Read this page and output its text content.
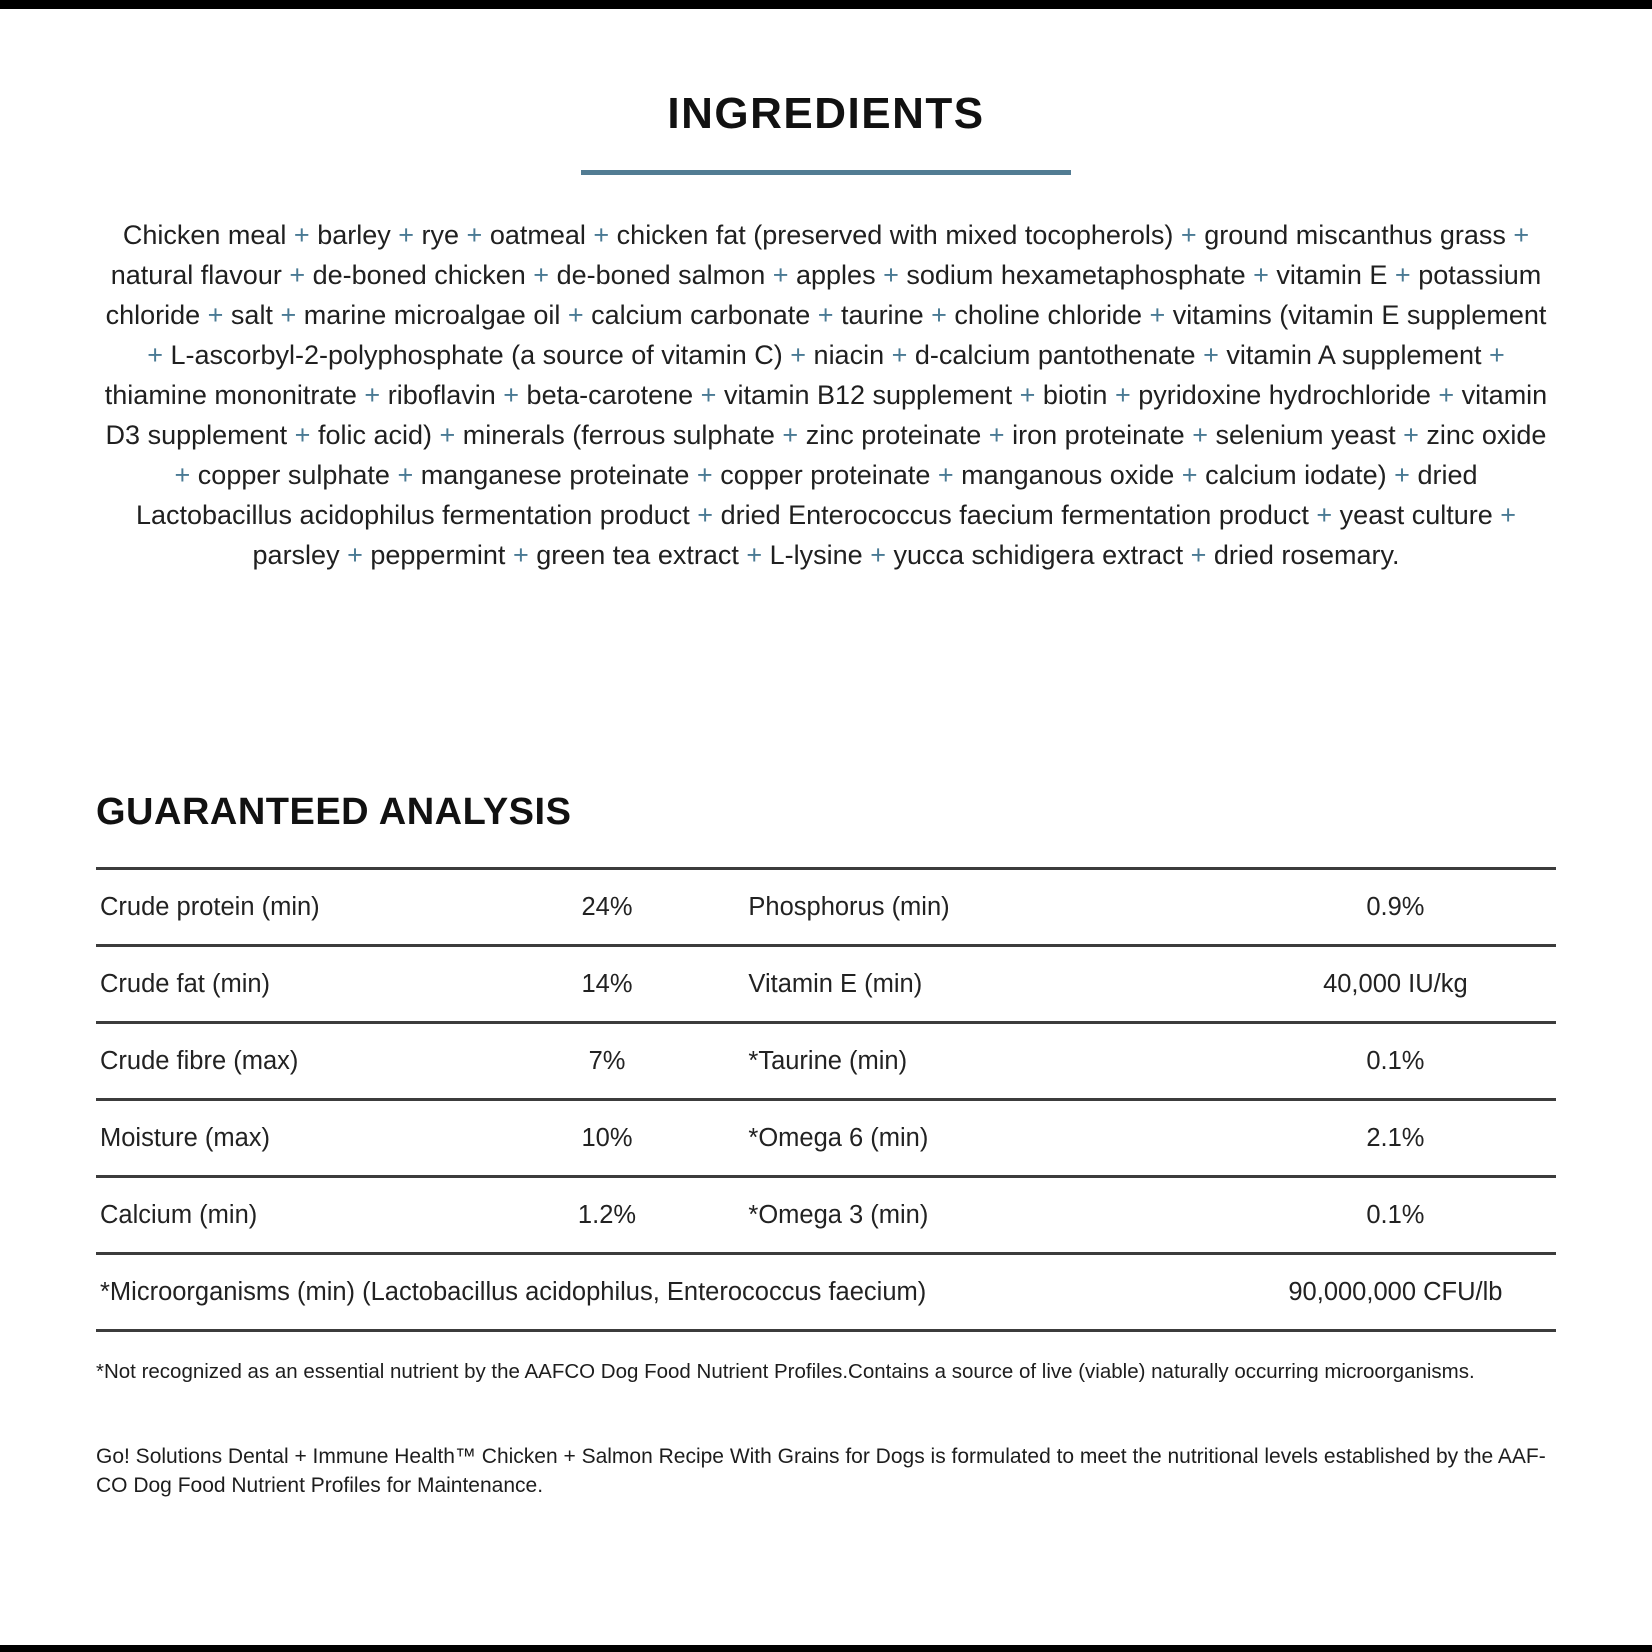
INGREDIENTS

Chicken meal + barley + rye + oatmeal + chicken fat (preserved with mixed tocopherols) + ground miscanthus grass + natural flavour + de-boned chicken + de-boned salmon + apples + sodium hexametaphosphate + vitamin E + potassium chloride + salt + marine microalgae oil + calcium carbonate + taurine + choline chloride + vitamins (vitamin E supplement + L-ascorbyl-2-polyphosphate (a source of vitamin C) + niacin + d-calcium pantothenate + vitamin A supplement + thiamine mononitrate + riboflavin + beta-carotene + vitamin B12 supplement + biotin + pyridoxine hydrochloride + vitamin D3 supplement + folic acid) + minerals (ferrous sulphate + zinc proteinate + iron proteinate + selenium yeast + zinc oxide + copper sulphate + manganese proteinate + copper proteinate + manganous oxide + calcium iodate) + dried Lactobacillus acidophilus fermentation product + dried Enterococcus faecium fermentation product + yeast culture + parsley + peppermint + green tea extract + L-lysine + yucca schidigera extract + dried rosemary.

GUARANTEED ANALYSIS
Crude protein (min)	24%	Phosphorus (min)	0.9%
Crude fat (min)	14%	Vitamin E (min)	40,000 IU/kg
Crude fibre (max)	7%	*Taurine (min)	0.1%
Moisture (max)	10%	*Omega 6 (min)	2.1%
Calcium (min)	1.2%	*Omega 3 (min)	0.1%
*Microorganisms (min) (Lactobacillus acidophilus, Enterococcus faecium)	90,000,000 CFU/lb

*Not recognized as an essential nutrient by the AAFCO Dog Food Nutrient Profiles.Contains a source of live (viable) naturally occurring microorganisms.

Go! Solutions Dental + Immune Health™ Chicken + Salmon Recipe With Grains for Dogs is formulated to meet the nutritional levels established by the AAF-
CO Dog Food Nutrient Profiles for Maintenance.
